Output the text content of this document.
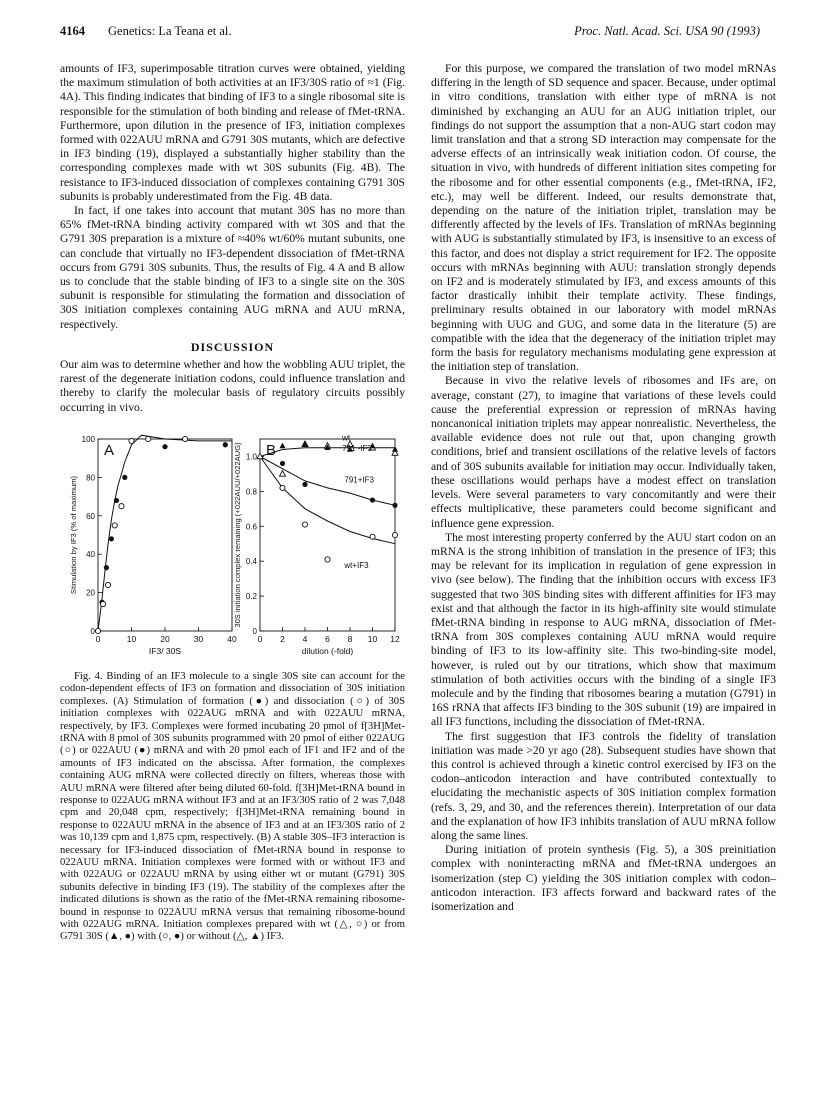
4164 Genetics: La Teana et al.	Proc. Natl. Acad. Sci. USA 90 (1993)

amounts of IF3, superimposable titration curves were obtained, yielding the maximum stimulation of both activities at an IF3/30S ratio of ≈1 (Fig. 4A). This finding indicates that binding of IF3 to a single ribosomal site is responsible for the stimulation of both binding and release of fMet-tRNA. Furthermore, upon dilution in the presence of IF3, initiation complexes formed with 022AUU mRNA and G791 30S mutants, which are defective in IF3 binding (19), displayed a substantially higher stability than the corresponding complexes made with wt 30S subunits (Fig. 4B). The resistance to IF3-induced dissociation of complexes containing G791 30S subunits is probably underestimated from the Fig. 4B data.

In fact, if one takes into account that mutant 30S has no more than 65% fMet-tRNA binding activity compared with wt 30S and that the G791 30S preparation is a mixture of ≈40% wt/60% mutant subunits, one can conclude that virtually no IF3-dependent dissociation of fMet-tRNA occurs from G791 30S subunits. Thus, the results of Fig. 4 A and B allow us to conclude that the stable binding of IF3 to a single site on the 30S subunit is responsible for stimulating the formation and dissociation of 30S initiation complexes containing AUG mRNA and AUU mRNA, respectively.

DISCUSSION

Our aim was to determine whether and how the wobbling AUU triplet, the rarest of the degenerate initiation codons, could influence translation and thereby to clarify the molecular basis of regulatory circuits possibly occurring in vivo.

A
0	10	20	30	40
0
20
40
60
80
100
IF3/ 30S
Stimulation by IF3 (% of maximum)
B
0 2 4 6 8 10 12
0
0.2
0.4
0.6
0.8
1.0
dilution (-fold)
30S initiation complex remaining (+022AUU/+022AUG)
wt
791 -IF3
791+IF3
wt+IF3

Fig. 4. Binding of an IF3 molecule to a single 30S site can account for the codon-dependent effects of IF3 on formation and dissociation of 30S initiation complexes. (A) Stimulation of formation (●) and dissociation (○) of 30S initiation complexes with 022AUG mRNA and with 022AUU mRNA, respectively, by IF3. Complexes were formed incubating 20 pmol of f[3H]Met-tRNA with 8 pmol of 30S subunits programmed with 20 pmol of either 022AUG (○) or 022AUU (●) mRNA and with 20 pmol each of IF1 and IF2 and of the amounts of IF3 indicated on the abscissa. After formation, the complexes containing AUG mRNA were collected directly on filters, whereas those with AUU mRNA were filtered after being diluted 60-fold. f[3H]Met-tRNA bound in response to 022AUG mRNA without IF3 and at an IF3/30S ratio of 2 was 7,048 cpm and 20,048 cpm, respectively; f[3H]Met-tRNA remaining bound in response to 022AUU mRNA in the absence of IF3 and at an IF3/30S ratio of 2 was 10,139 cpm and 1,875 cpm, respectively. (B) A stable 30S–IF3 interaction is necessary for IF3-induced dissociation of fMet-tRNA bound in response to 022AUU mRNA. Initiation complexes were formed with or without IF3 and with 022AUG or 022AUU mRNA by using either wt or mutant (G791) 30S subunits defective in binding IF3 (19). The stability of the complexes after the indicated dilutions is shown as the ratio of the fMet-tRNA remaining ribosome-bound in response to 022AUU mRNA versus that remaining ribosome-bound with 022AUG mRNA. Initiation complexes prepared with wt (△, ○) or from G791 30S (▲, ●) with (○, ●) or without (△, ▲) IF3.

For this purpose, we compared the translation of two model mRNAs differing in the length of SD sequence and spacer. Because, under optimal in vitro conditions, translation with either type of mRNA is not diminished by exchanging an AUU for an AUG initiation triplet, our findings do not support the assumption that a non-AUG start codon may limit translation and that a strong SD interaction may compensate for the adverse effects of an intrinsically weak initiation codon. Of course, the situation in vivo, with hundreds of different initiation sites competing for the ribosome and for other essential components (e.g., fMet-tRNA, IF2, etc.), may well be different. Indeed, our results demonstrate that, depending on the nature of the initiation triplet, translation may be differently affected by the levels of IFs. Translation of mRNAs beginning with AUG is substantially stimulated by IF3, is insensitive to an excess of this factor, and does not display a strict requirement for IF2. The opposite occurs with mRNAs beginning with AUU: translation strongly depends on IF2 and is moderately stimulated by IF3, and excess amounts of this factor drastically inhibit their template activity. These findings, preliminary results obtained in our laboratory with model mRNAs beginning with UUG and GUG, and some data in the literature (5) are compatible with the idea that the degeneracy of the initiation triplet may form the basis for regulatory mechanisms modulating gene expression at the initiation step of translation.

Because in vivo the relative levels of ribosomes and IFs are, on average, constant (27), to imagine that variations of these levels could cause the preferential expression or repression of mRNAs having noncanonical initiation triplets may appear nonrealistic. Nevertheless, the available evidence does not rule out that, upon changing growth conditions, brief and transient oscillations of the relative levels of factors and of 30S subunits available for initiation may occur. Individually taken, these oscillations would perhaps have a modest effect on translation levels. Were several parameters to vary concomitantly and were their effects multiplicative, these parameters could become significant and influence gene expression.

The most interesting property conferred by the AUU start codon on an mRNA is the strong inhibition of translation in the presence of IF3; this may be relevant for its implication in regulation of gene expression in vivo (see below). The finding that the inhibition occurs with excess IF3 suggested that two 30S binding sites with different affinities for IF3 may exist and that although the factor in its high-affinity site would stimulate fMet-tRNA binding in response to AUG mRNA, dissociation of fMet-tRNA from 30S complexes containing AUU mRNA would require binding of IF3 to its low-affinity site. This two-binding-site model, however, is ruled out by our titrations, which show that maximum stimulation of both activities occurs with the binding of a single IF3 molecule and by the finding that ribosomes bearing a mutation (G791) in 16S rRNA that affects IF3 binding to the 30S subunit (19) are impaired in all IF3 functions, including the dissociation of fMet-tRNA.

The first suggestion that IF3 controls the fidelity of translation initiation was made >20 yr ago (28). Subsequent studies have shown that this control is achieved through a kinetic control exercised by IF3 on the codon–anticodon interaction and have contributed contextually to elucidating the mechanistic aspects of 30S initiation complex formation (refs. 3, 29, and 30, and the references therein). Interpretation of our data and the explanation of how IF3 inhibits translation of AUU mRNA follow along the same lines.

During initiation of protein synthesis (Fig. 5), a 30S preinitiation complex with noninteracting mRNA and fMet-tRNA undergoes an isomerization (step C) yielding the 30S initiation complex with codon–anticodon interaction. IF3 affects forward and backward rates of the isomerization and
